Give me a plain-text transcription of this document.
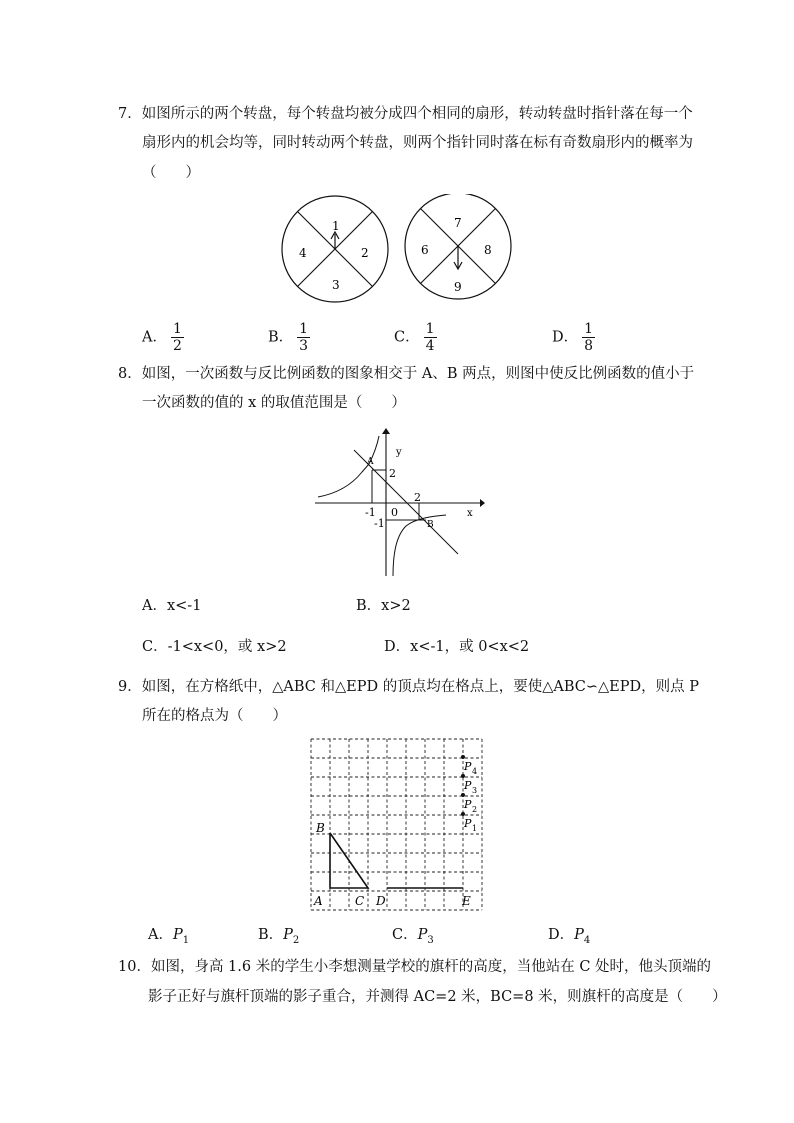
7．如图所示的两个转盘，每个转盘均被分成四个相同的扇形，转动转盘时指针落在每一个
扇形内的机会均等，同时转动两个转盘，则两个指针同时落在标有奇数扇形内的概率为
（　　）
1
2
3
4
7
8
9
6
A． $\frac{1}{2}$	B． $\frac{1}{3}$	C． $\frac{1}{4}$	D． $\frac{1}{8}$
8．如图，一次函数与反比例函数的图象相交于 A、B 两点，则图中使反比例函数的值小于
一次函数的值的 x 的取值范围是（　　）
y
x
0
A
B
2
2
-1
-1
A．x<-1	B．x>2
C．-1<x<0，或 x>2	D．x<-1，或 0<x<2
9．如图，在方格纸中，△ABC 和△EPD 的顶点均在格点上，要使△ABC∽△EPD，则点 P
所在的格点为（　　）
A
B
C D	E
P 1
P 2
P 3
P 4
A．$P_1$	B．$P_2$	C．$P_3$	D．$P_4$
10．如图，身高 1.6 米的学生小李想测量学校的旗杆的高度，当他站在 C 处时，他头顶端的
影子正好与旗杆顶端的影子重合，并测得 AC=2 米，BC=8 米，则旗杆的高度是（　　）
